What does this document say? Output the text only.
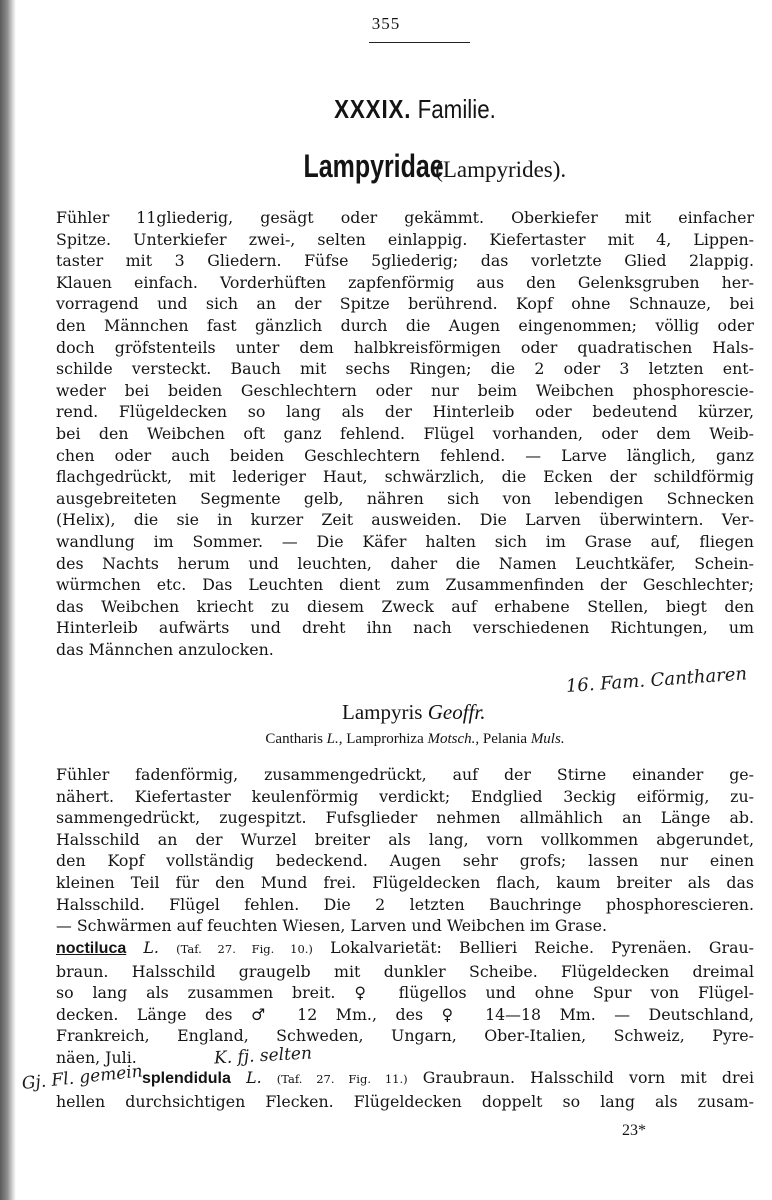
355
XXXIX. Familie.
Lampyridae (Lampyrides).
Fühler 11gliederig, gesägt oder gekämmt. Oberkiefer mit einfacher
Spitze. Unterkiefer zwei-, selten einlappig. Kiefertaster mit 4, Lippen-
taster mit 3 Gliedern. Füfse 5gliederig; das vorletzte Glied 2lappig.
Klauen einfach. Vorderhüften zapfenförmig aus den Gelenksgruben her-
vorragend und sich an der Spitze berührend. Kopf ohne Schnauze, bei
den Männchen fast gänzlich durch die Augen eingenommen; völlig oder
doch gröfstenteils unter dem halbkreisförmigen oder quadratischen Hals-
schilde versteckt. Bauch mit sechs Ringen; die 2 oder 3 letzten ent-
weder bei beiden Geschlechtern oder nur beim Weibchen phosphorescie-
rend. Flügeldecken so lang als der Hinterleib oder bedeutend kürzer,
bei den Weibchen oft ganz fehlend. Flügel vorhanden, oder dem Weib-
chen oder auch beiden Geschlechtern fehlend. — Larve länglich, ganz
flachgedrückt, mit lederiger Haut, schwärzlich, die Ecken der schildförmig
ausgebreiteten Segmente gelb, nähren sich von lebendigen Schnecken
(Helix), die sie in kurzer Zeit ausweiden. Die Larven überwintern. Ver-
wandlung im Sommer. — Die Käfer halten sich im Grase auf, fliegen
des Nachts herum und leuchten, daher die Namen Leuchtkäfer, Schein-
würmchen etc. Das Leuchten dient zum Zusammenfinden der Geschlechter;
das Weibchen kriecht zu diesem Zweck auf erhabene Stellen, biegt den
Hinterleib aufwärts und dreht ihn nach verschiedenen Richtungen, um
das Männchen anzulocken.
16. Fam. Cantharen
Lampyris Geoffr.
Cantharis L., Lamprorhiza Motsch., Pelania Muls.
Fühler fadenförmig, zusammengedrückt, auf der Stirne einander ge-
nähert. Kiefertaster keulenförmig verdickt; Endglied 3eckig eiförmig, zu-
sammengedrückt, zugespitzt. Fufsglieder nehmen allmählich an Länge ab.
Halsschild an der Wurzel breiter als lang, vorn vollkommen abgerundet,
den Kopf vollständig bedeckend. Augen sehr grofs; lassen nur einen
kleinen Teil für den Mund frei. Flügeldecken flach, kaum breiter als das
Halsschild. Flügel fehlen. Die 2 letzten Bauchringe phosphorescieren.
— Schwärmen auf feuchten Wiesen, Larven und Weibchen im Grase.
noctiluca L. (Taf. 27. Fig. 10.) Lokalvarietät: Bellieri Reiche. Pyrenäen. Grau-
braun. Halsschild graugelb mit dunkler Scheibe. Flügeldecken dreimal
so lang als zusammen breit. ♀ flügellos und ohne Spur von Flügel-
decken. Länge des ♂ 12 Mm., des ♀ 14—18 Mm. — Deutschland,
Frankreich, England, Schweden, Ungarn, Ober-Italien, Schweiz, Pyre-
näen, Juli.	K. fj. selten
splendidula L. (Taf. 27. Fig. 11.) Graubraun. Halsschild vorn mit drei
hellen durchsichtigen Flecken. Flügeldecken doppelt so lang als zusam-
Gj. Fl. gemein
23*
